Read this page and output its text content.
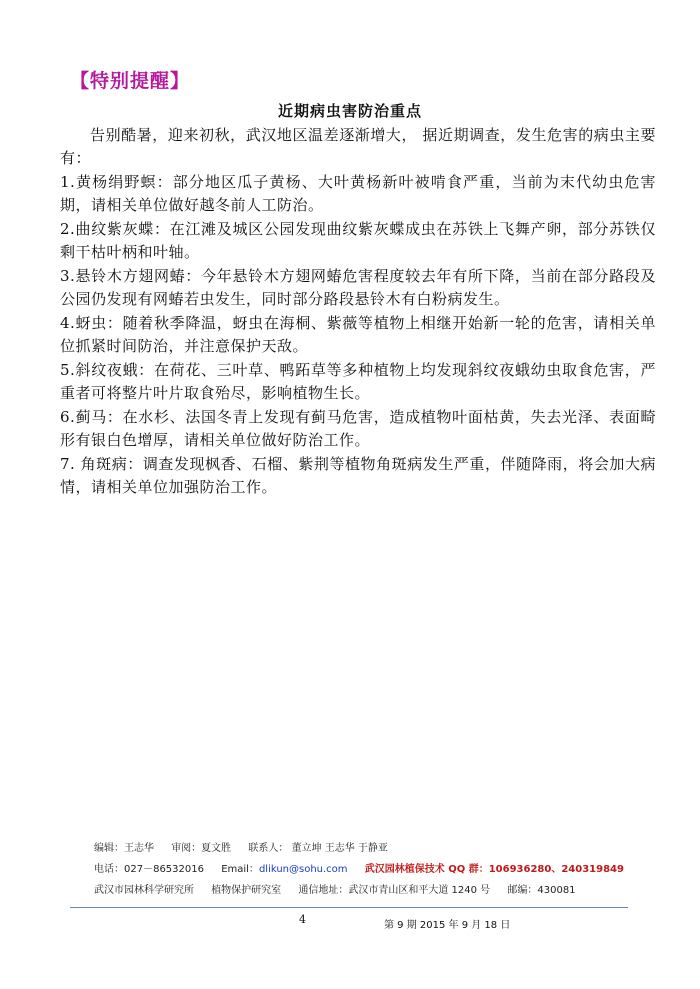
【特别提醒】
近期病虫害防治重点

告别酷暑，迎来初秋，武汉地区温差逐渐增大， 据近期调查，发生危害的病虫主要有：

1.黄杨绢野螟：部分地区瓜子黄杨、大叶黄杨新叶被啃食严重，当前为末代幼虫危害期，请相关单位做好越冬前人工防治。

2.曲纹紫灰蝶：在江滩及城区公园发现曲纹紫灰蝶成虫在苏铁上飞舞产卵，部分苏铁仅剩干枯叶柄和叶轴。

3.悬铃木方翅网蝽：今年悬铃木方翅网蝽危害程度较去年有所下降，当前在部分路段及公园仍发现有网蝽若虫发生，同时部分路段悬铃木有白粉病发生。

4.蚜虫：随着秋季降温，蚜虫在海桐、紫薇等植物上相继开始新一轮的危害，请相关单位抓紧时间防治，并注意保护天敌。

5.斜纹夜蛾：在荷花、三叶草、鸭跖草等多种植物上均发现斜纹夜蛾幼虫取食危害，严重者可将整片叶片取食殆尽，影响植物生长。

6.蓟马：在水杉、法国冬青上发现有蓟马危害，造成植物叶面枯黄，失去光泽、表面畸形有银白色增厚，请相关单位做好防治工作。

7. 角斑病：调查发现枫香、石榴、紫荆等植物角斑病发生严重，伴随降雨，将会加大病情，请相关单位加强防治工作。

编辑：王志华 审阅：夏文胜 联系人： 董立坤 王志华 于静亚
电话：027－86532016 Email：dlikun@sohu.com 武汉园林植保技术 QQ 群：106936280、240319849
武汉市园林科学研究所 植物保护研究室 通信地址：武汉市青山区和平大道 1240 号 邮编：430081
4	第 9 期 2015 年 9 月 18 日
